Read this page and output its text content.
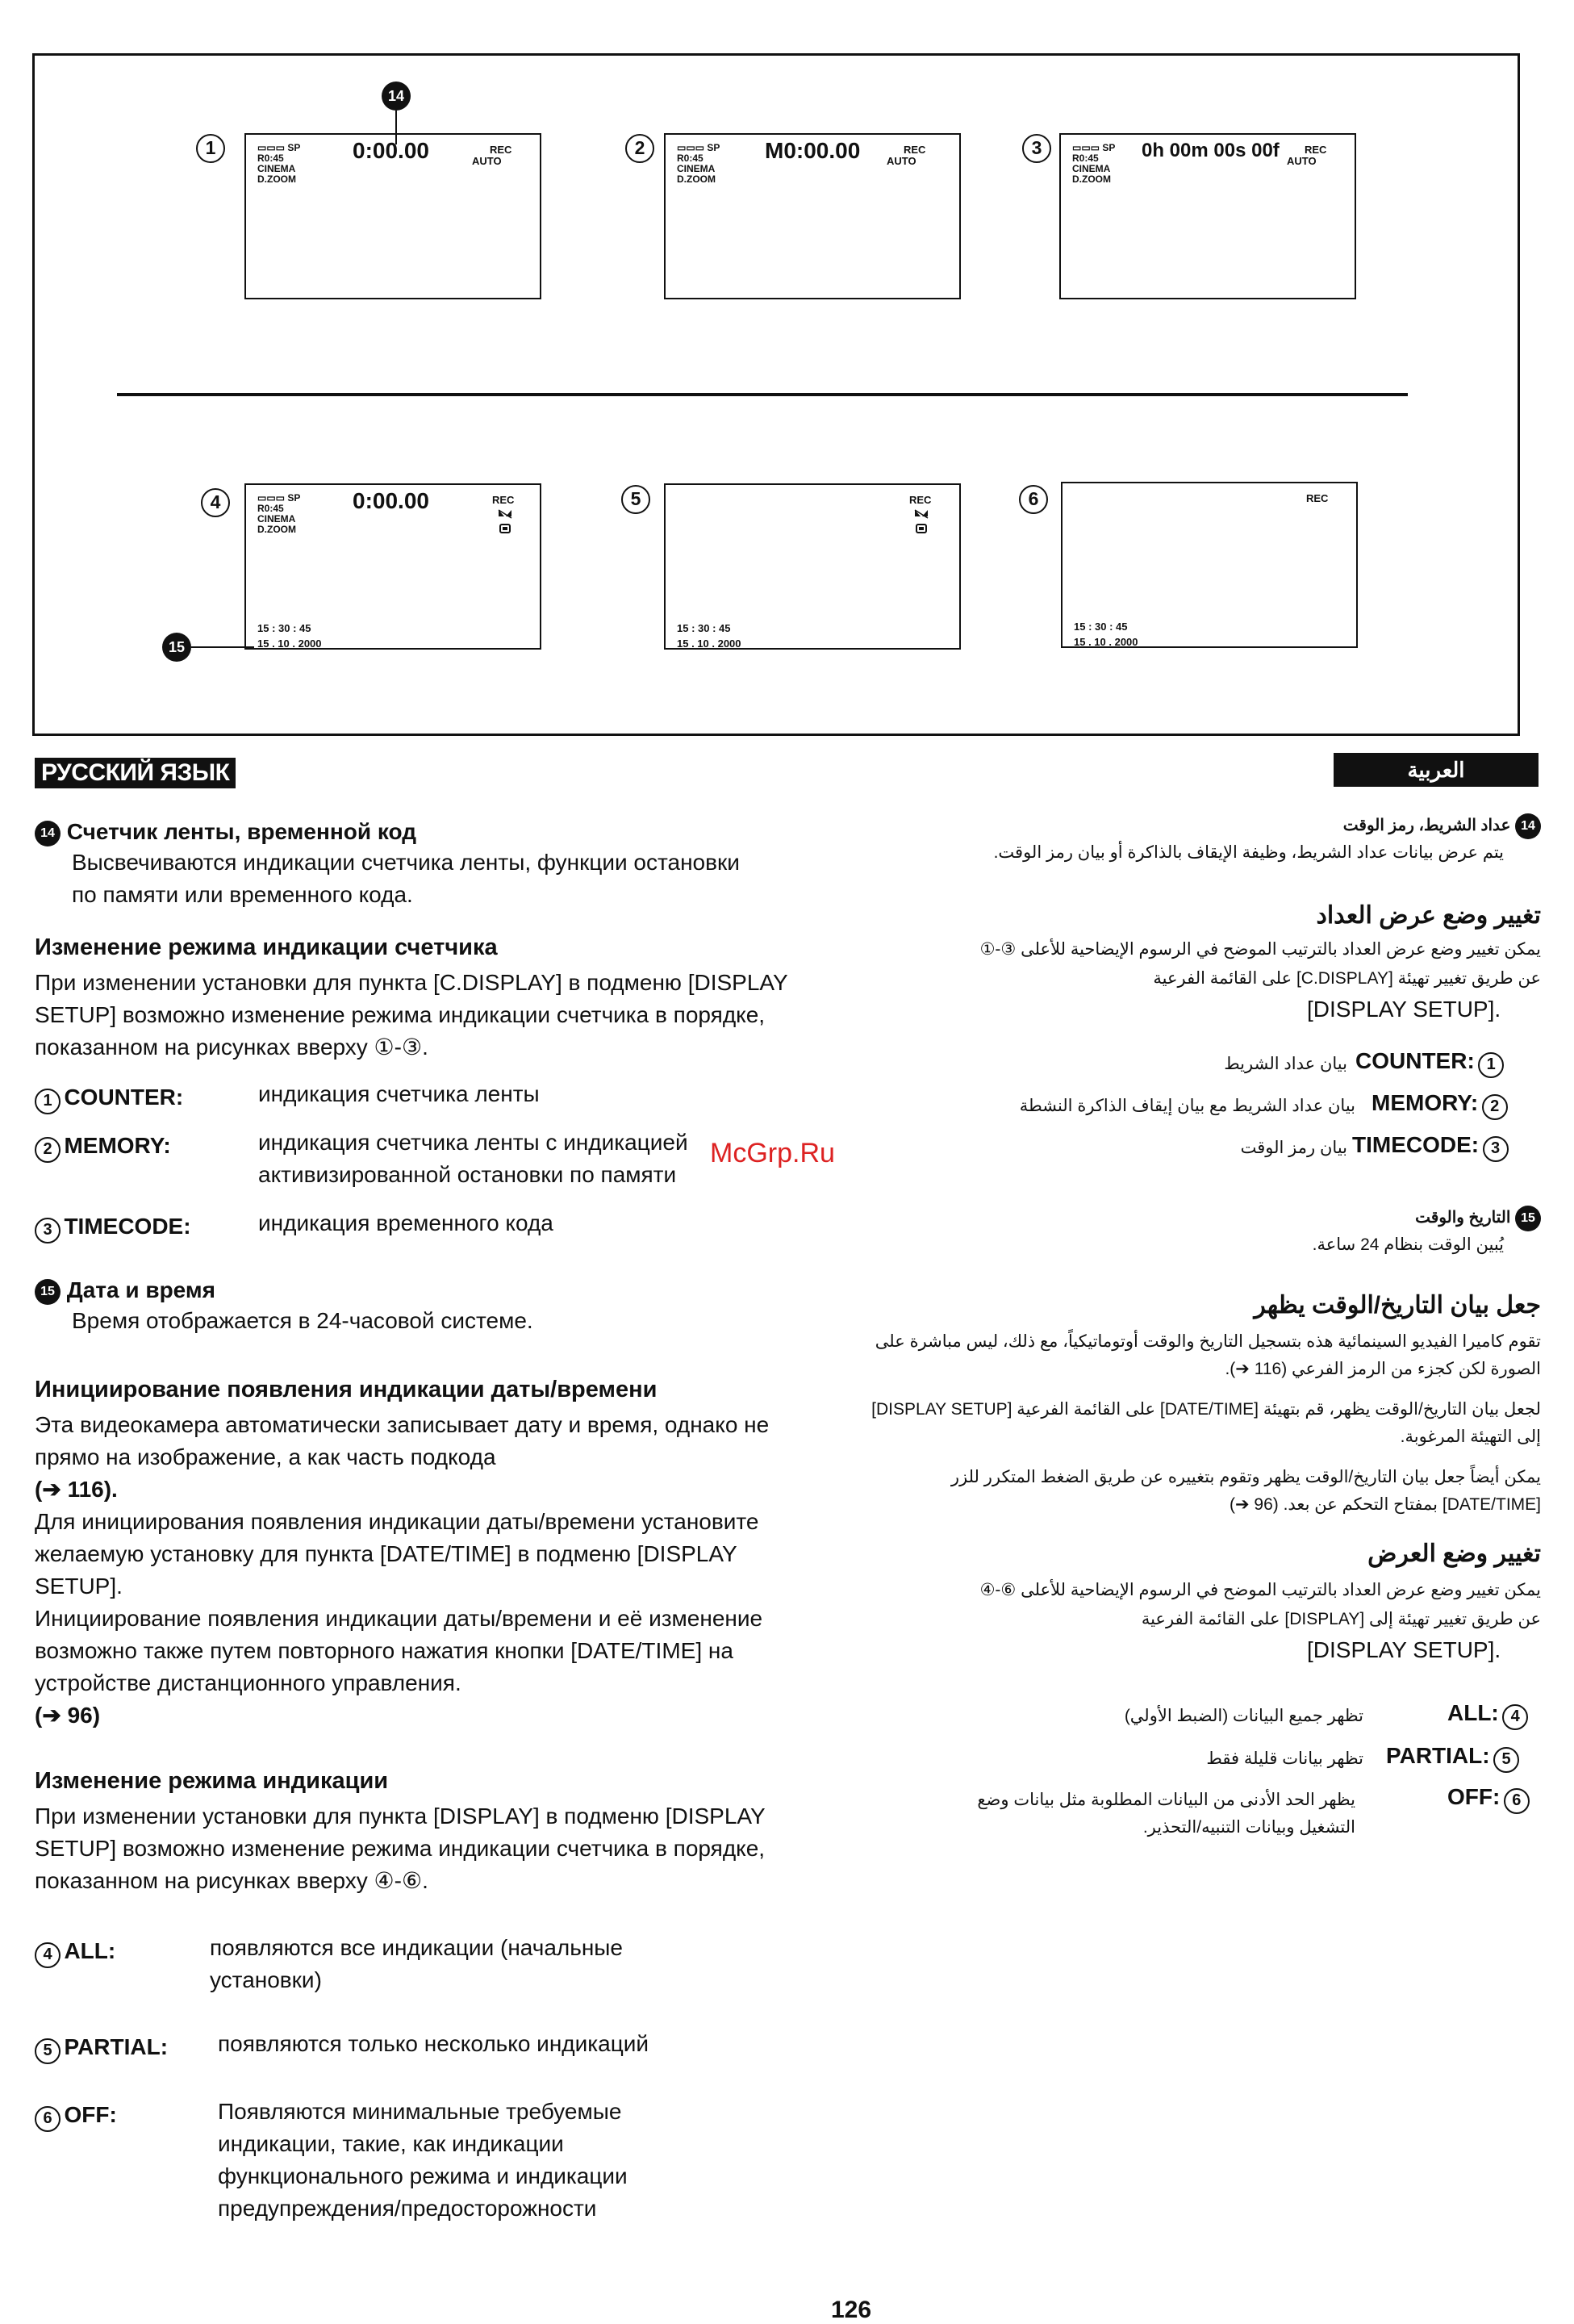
14
1	▭▭▭ SP
R0:45
CINEMA
D.ZOOM
0:00.00	REC
AUTO
2	▭▭▭ SP
R0:45
CINEMA
D.ZOOM
M0:00.00	REC
AUTO
3	▭▭▭ SP
R0:45
CINEMA
D.ZOOM
0h 00m 00s 00f REC
AUTO
4	▭▭▭ SP
R0:45
CINEMA
D.ZOOM
0:00.00	REC
15 : 30 : 45
15 . 10 . 2000
15
5	REC
15 : 30 : 45
15 . 10 . 2000
6	REC
15 : 30 : 45
15 . 10 . 2000
РУССКИЙ ЯЗЫК
14 Счетчик ленты, временной код
Высвечиваются индикации счетчика ленты, функции остановки по памяти или временного кода.
Изменение режима индикации счетчика
При изменении установки для пункта [C.DISPLAY] в подменю [DISPLAY SETUP] возможно изменение режима индикации счетчика в порядке, показанном на рисунках вверху ①-③.
1 COUNTER:	индикация счетчика ленты
2 MEMORY:	индикация счетчика ленты с индикацией активизированной остановки по памяти
3 TIMECODE:	индикация временного кода
15 Дата и время
Время отображается в 24-часовой системе.
Инициирование появления индикации даты/времени
Эта видеокамера автоматически записывает дату и время, однако не прямо на изображение, а как часть подкода
(➔ 116).
Для инициирования появления индикации даты/времени установите желаемую установку для пункта [DATE/TIME] в подменю [DISPLAY SETUP].
Инициирование появления индикации даты/времени и её изменение возможно также путем повторного нажатия кнопки [DATE/TIME] на устройстве дистанционного управления.
(➔ 96)
Изменение режима индикации
При изменении установки для пункта [DISPLAY] в подменю [DISPLAY SETUP] возможно изменение режима индикации счетчика в порядке, показанном на рисунках вверху ④-⑥.
4 ALL:	появляются все индикации (начальные установки)
5 PARTIAL: появляются только несколько индикаций
6 OFF:	Появляются минимальные требуемые индикации, такие, как индикации функционального режима и индикации предупреждения/предосторожности
العربية
14 عداد الشريط، رمز الوقت
يتم عرض بيانات عداد الشريط، وظيفة الإيقاف بالذاكرة أو بيان رمز الوقت.
تغيير وضع عرض العداد
يمكن تغيير وضع عرض العداد بالترتيب الموضح في الرسوم الإيضاحية للأعلى ③-①
عن طريق تغيير تهيئة [C.DISPLAY] على القائمة الفرعية
[DISPLAY SETUP].
COUNTER: 1
بيان عداد الشريط
MEMORY: 2
بيان عداد الشريط مع بيان إيقاف الذاكرة النشطة
TIMECODE: 3
بيان رمز الوقت
15 التاريخ والوقت
يُبين الوقت بنظام 24 ساعة.
جعل بيان التاريخ/الوقت يظهر
تقوم كاميرا الفيديو السينمائية هذه بتسجيل التاريخ والوقت أوتوماتيكياً، مع ذلك، ليس مباشرة على الصورة لكن كجزء من الرمز الفرعي (116 ➔).
لجعل بيان التاريخ/الوقت يظهر، قم بتهيئة [DATE/TIME] على القائمة الفرعية [DISPLAY SETUP] إلى التهيئة المرغوبة.
يمكن أيضاً جعل بيان التاريخ/الوقت يظهر وتقوم بتغييره عن طريق الضغط المتكرر للزر [DATE/TIME] بمفتاح التحكم عن بعد. (96 ➔)
تغيير وضع العرض
يمكن تغيير وضع عرض العداد بالترتيب الموضح في الرسوم الإيضاحية للأعلى ⑥-④
عن طريق تغيير تهيئة إلى [DISPLAY] على القائمة الفرعية
[DISPLAY SETUP].
ALL: 4
تظهر جميع البيانات (الضبط الأولي)
PARTIAL: 5
تظهر بيانات قليلة فقط
OFF: 6
يظهر الحد الأدنى من البيانات المطلوبة مثل بيانات وضع التشغيل وبيانات التنبيه/التحذير.
McGrp.Ru
126
